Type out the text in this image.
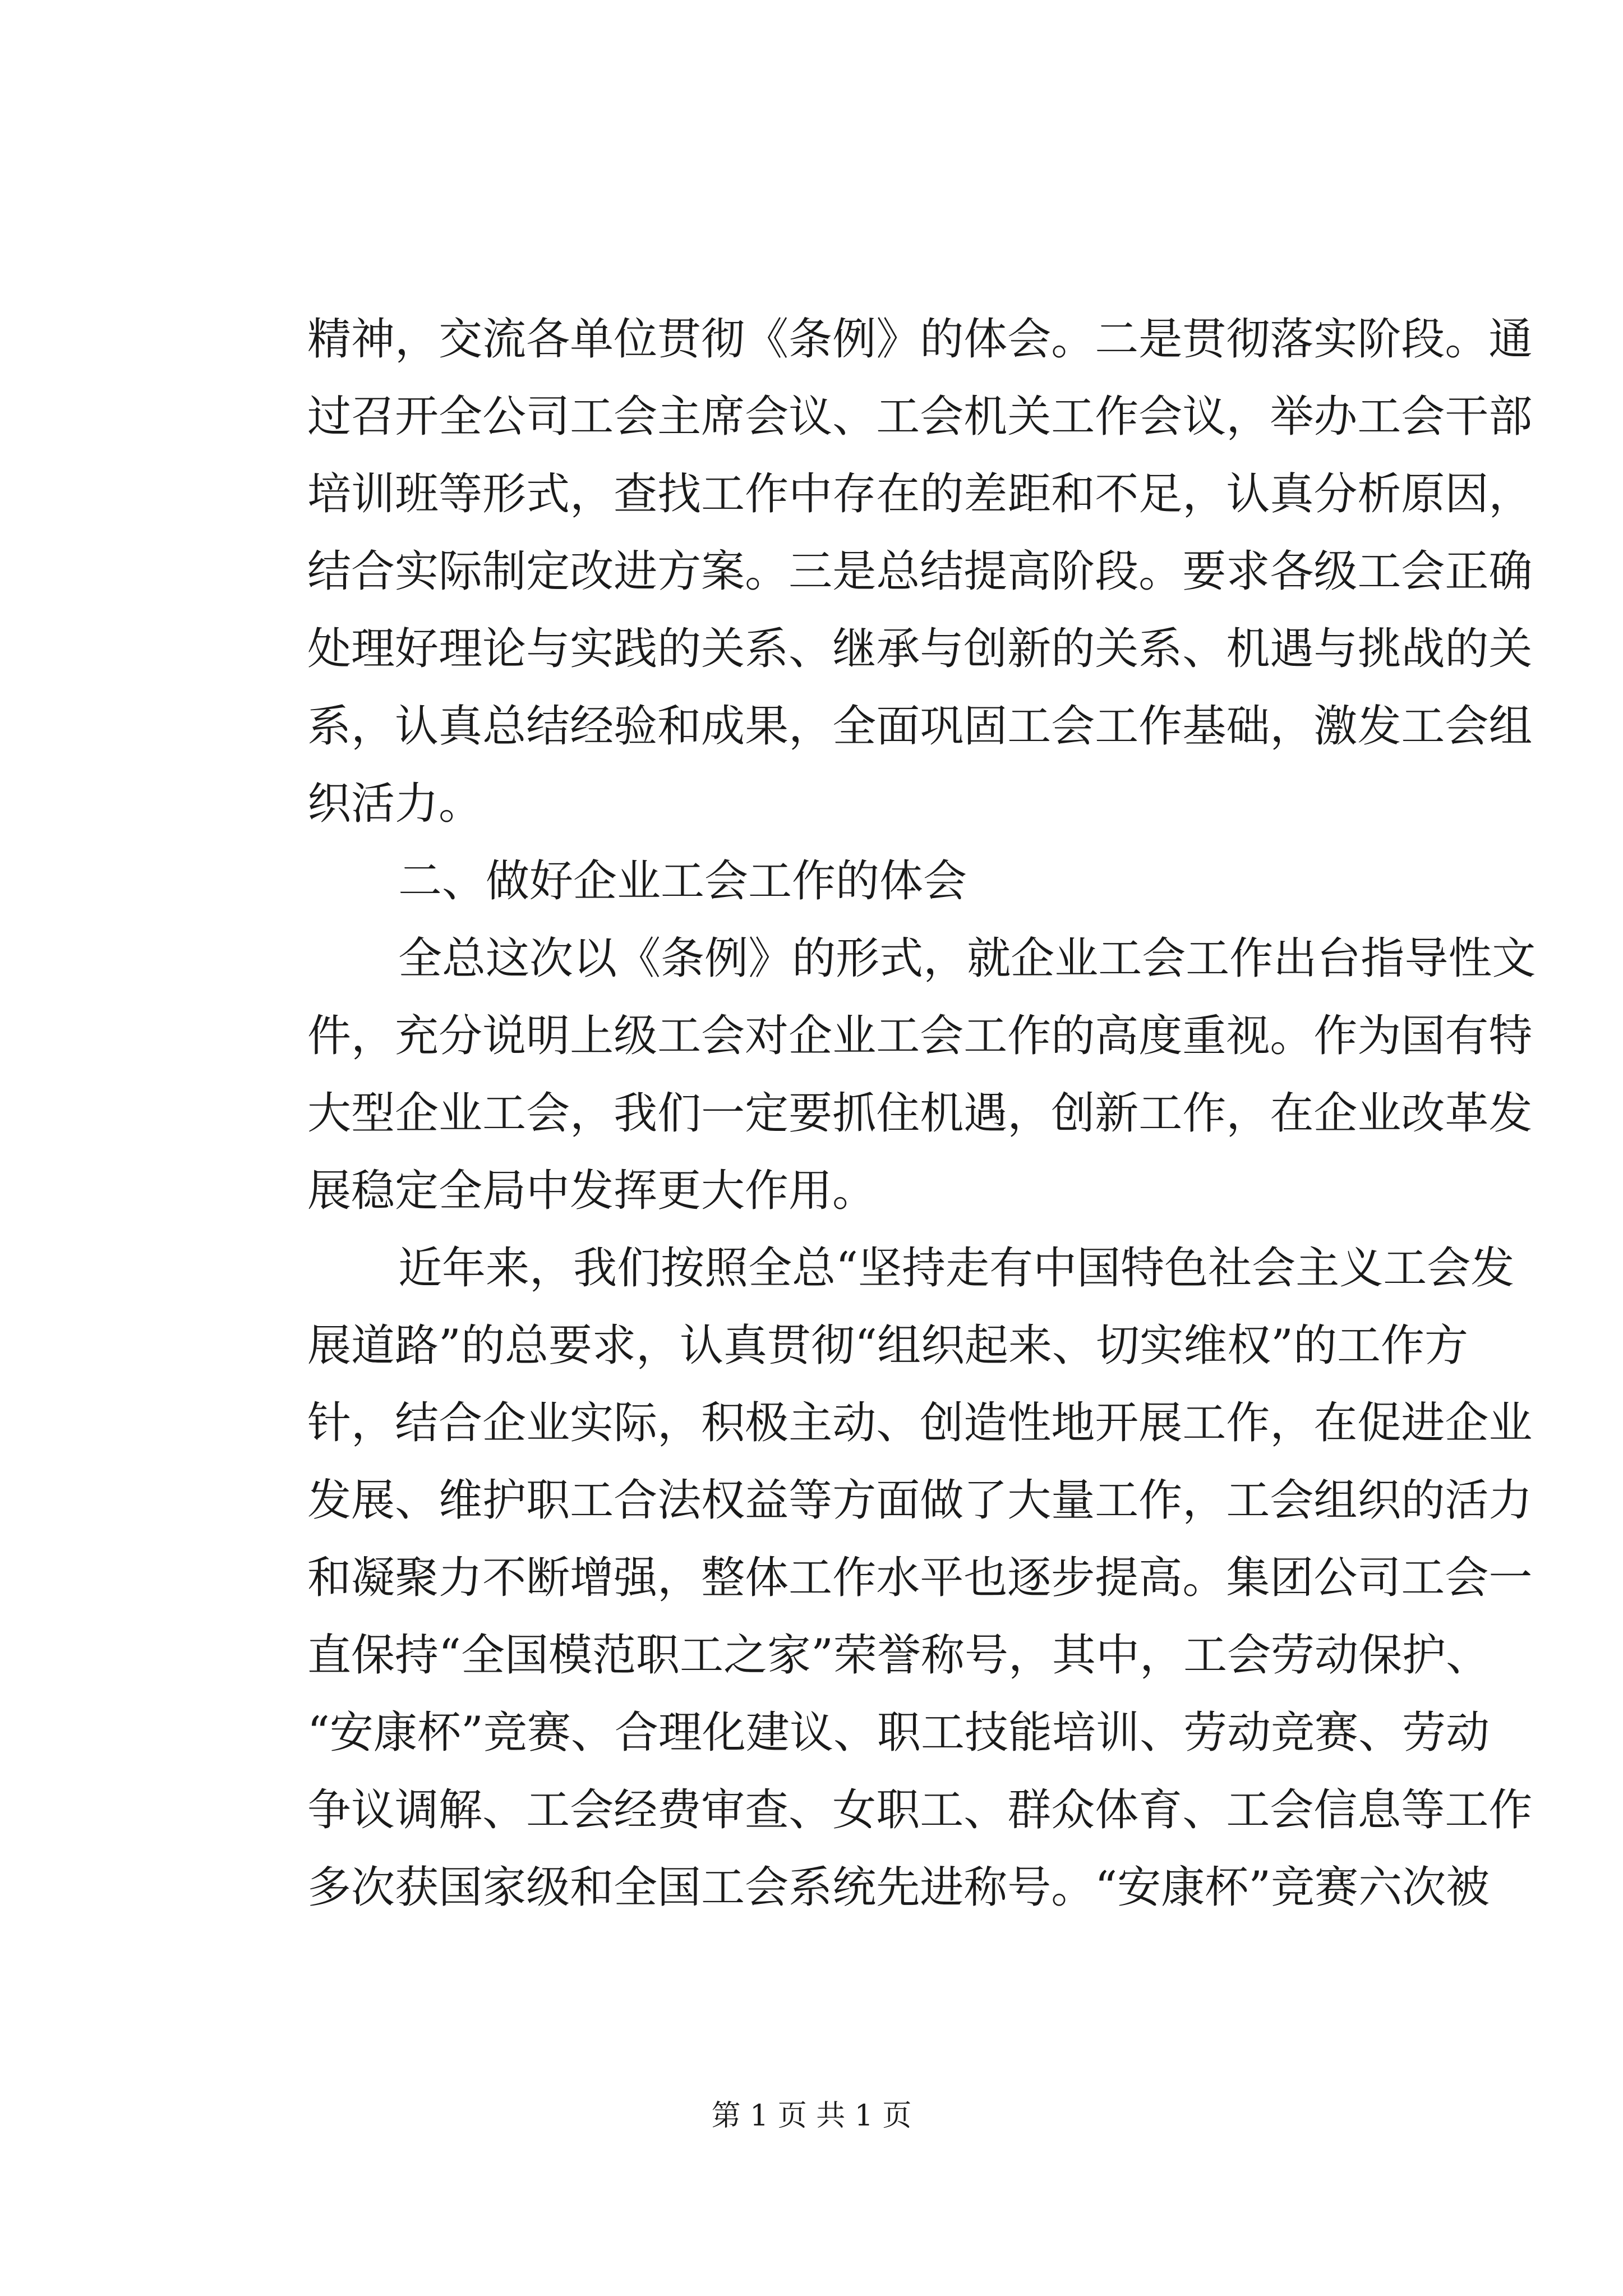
精 神 ， 交 流 各 单 位 贯 彻 《 条 例 》 的 体 会 。 二 是 贯 彻 落 实 阶 段 。 通
过 召 开 全 公 司 工 会 主 席 会 议 、 工 会 机 关 工 作 会 议 ， 举 办 工 会 干 部
培 训 班 等 形 式 ， 查 找 工 作 中 存 在 的 差 距 和 不 足 ， 认 真 分 析 原 因 ，
结 合 实 际 制 定 改 进 方 案 。 三 是 总 结 提 高 阶 段 。 要 求 各 级 工 会 正 确
处 理 好 理 论 与 实 践 的 关 系 、 继 承 与 创 新 的 关 系 、 机 遇 与 挑 战 的 关
系 ， 认 真 总 结 经 验 和 成 果 ， 全 面 巩 固 工 会 工 作 基 础 ， 激 发 工 会 组
织活力。
二、做好企业工会工作的体会
全 总 这 次 以 《 条 例 》 的 形 式 ， 就 企 业 工 会 工 作 出 台 指 导 性 文
件 ， 充 分 说 明 上 级 工 会 对 企 业 工 会 工 作 的 高 度 重 视 。 作 为 国 有 特
大 型 企 业 工 会 ， 我 们 一 定 要 抓 住 机 遇 ， 创 新 工 作 ， 在 企 业 改 革 发
展稳定全局中发挥更大作用。
近 年 来 ， 我 们 按 照 全 总 “ 坚 持 走 有 中 国 特 色 社 会 主 义 工 会 发
展 道 路 ” 的 总 要 求 ， 认 真 贯 彻 “ 组 织 起 来 、 切 实 维 权 ” 的 工 作 方
针 ， 结 合 企 业 实 际 ， 积 极 主 动 、 创 造 性 地 开 展 工 作 ， 在 促 进 企 业
发 展 、 维 护 职 工 合 法 权 益 等 方 面 做 了 大 量 工 作 ， 工 会 组 织 的 活 力
和 凝 聚 力 不 断 增 强 ， 整 体 工 作 水 平 也 逐 步 提 高 。 集 团 公 司 工 会 一
直 保 持 “ 全 国 模 范 职 工 之 家 ” 荣 誉 称 号 ， 其 中 ， 工 会 劳 动 保 护 、
“ 安 康 杯 ” 竞 赛 、 合 理 化 建 议 、 职 工 技 能 培 训 、 劳 动 竞 赛 、 劳 动
争 议 调 解 、 工 会 经 费 审 查 、 女 职 工 、 群 众 体 育 、 工 会 信 息 等 工 作
多 次 获 国 家 级 和 全 国 工 会 系 统 先 进 称 号 。 “ 安 康 杯 ” 竞 赛 六 次 被
第 1 页 共 1 页
